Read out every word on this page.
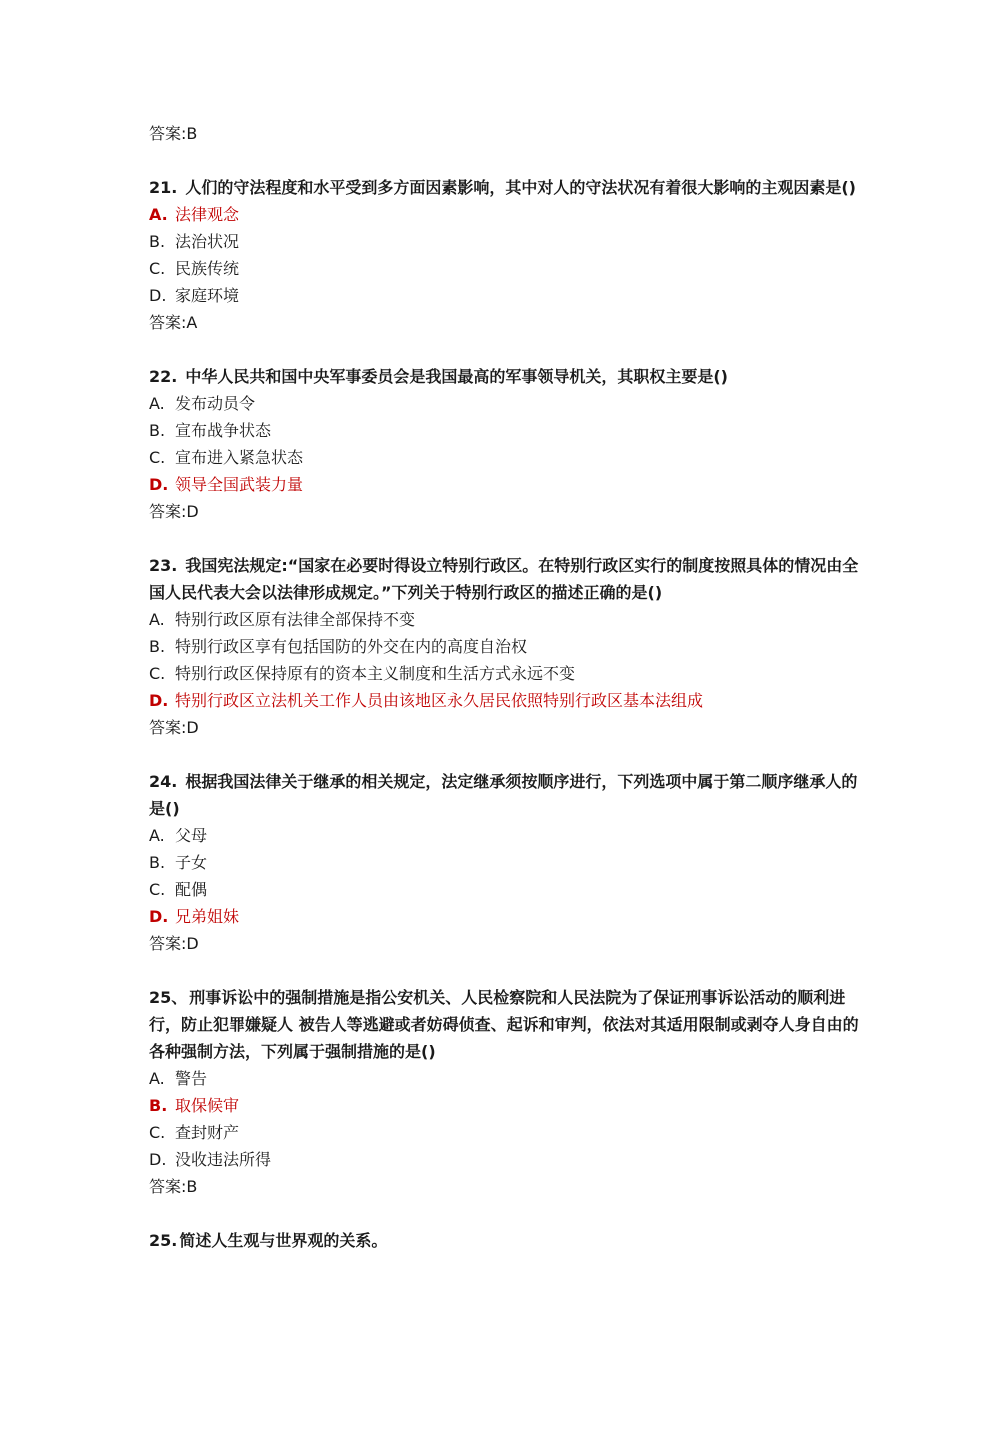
答案:B

21. 人们的守法程度和水平受到多方面因素影响，其中对人的守法状况有着很大影响的主观因素是()

A. 法律观念
B. 法治状况
C. 民族传统
D. 家庭环境
答案:A

22. 中华人民共和国中央军事委员会是我国最高的军事领导机关，其职权主要是()

A. 发布动员令
B. 宣布战争状态
C. 宣布进入紧急状态
D. 领导全国武装力量
答案:D

23. 我国宪法规定:“国家在必要时得设立特别行政区。在特别行政区实行的制度按照具体的情况由全国人民代表大会以法律形成规定。”下列关于特别行政区的描述正确的是()

A. 特别行政区原有法律全部保持不变
B. 特别行政区享有包括国防的外交在内的高度自治权
C. 特别行政区保持原有的资本主义制度和生活方式永远不变
D. 特别行政区立法机关工作人员由该地区永久居民依照特别行政区基本法组成
答案:D

24. 根据我国法律关于继承的相关规定，法定继承须按顺序进行，下列选项中属于第二顺序继承人的是()

A. 父母
B. 子女
C. 配偶
D. 兄弟姐妹
答案:D

25、 刑事诉讼中的强制措施是指公安机关、人民检察院和人民法院为了保证刑事诉讼活动的顺利进行，防止犯罪嫌疑人 被告人等逃避或者妨碍侦查、起诉和审判，依法对其适用限制或剥夺人身自由的各种强制方法，下列属于强制措施的是()

A. 警告
B. 取保候审
C. 查封财产
D. 没收违法所得
答案:B
25. 简述人生观与世界观的关系。
